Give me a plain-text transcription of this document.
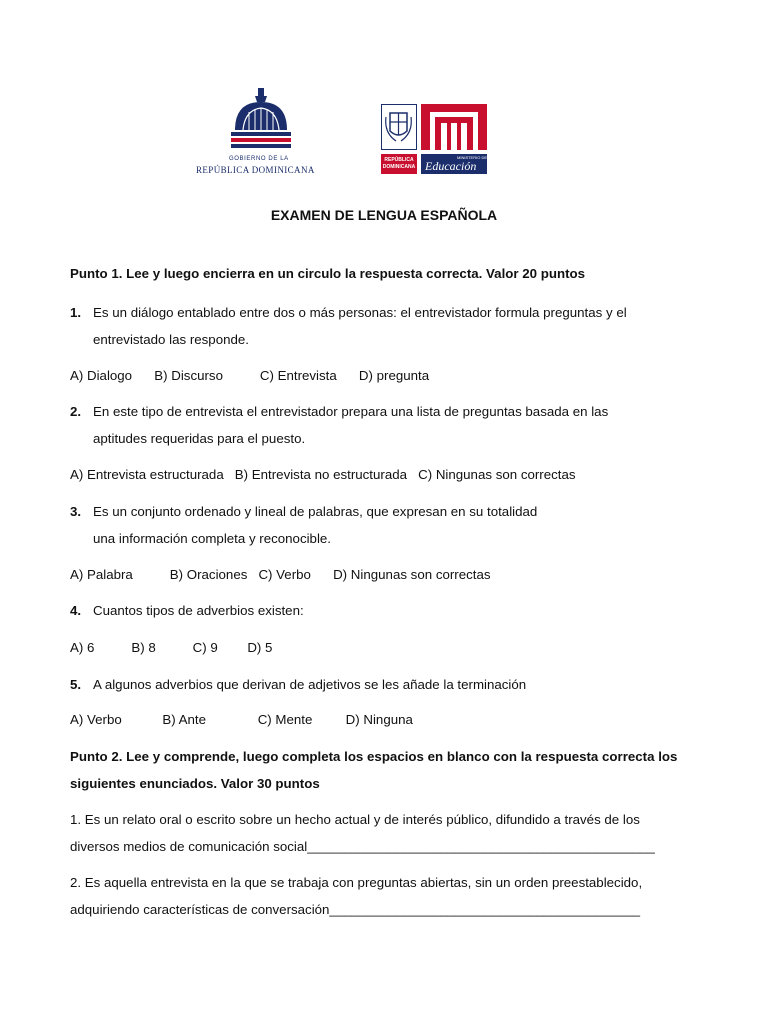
GOBIERNO DE LA
REPÚBLICA DOMINICANA
REPÚBLICA DOMINICANA
MINISTERIO DE
Educación
EXAMEN DE LENGUA ESPAÑOLA
Punto 1. Lee y luego encierra en un circulo la respuesta correcta. Valor 20 puntos
1. Es un diálogo entablado entre dos o más personas: el entrevistador formula preguntas y el
entrevistado las responde.
A) Dialogo      B) Discurso          C) Entrevista      D) pregunta
2. En este tipo de entrevista el entrevistador prepara una lista de preguntas basada en las
aptitudes requeridas para el puesto.
A) Entrevista estructurada   B) Entrevista no estructurada   C) Ningunas son correctas
3. Es un conjunto ordenado y lineal de palabras, que expresan en su totalidad
una información completa y reconocible.
A) Palabra          B) Oraciones   C) Verbo      D) Ningunas son correctas
4. Cuantos tipos de adverbios existen:
A) 6          B) 8          C) 9        D) 5
5. A algunos adverbios que derivan de adjetivos se les añade la terminación
A) Verbo           B) Ante              C) Mente         D) Ninguna
Punto 2. Lee y comprende, luego completa los espacios en blanco con la respuesta correcta los
siguientes enunciados. Valor 30 puntos
1. Es un relato oral o escrito sobre un hecho actual y de interés público, difundido a través de los
diversos medios de comunicación social_______________________________________________
2. Es aquella entrevista en la que se trabaja con preguntas abiertas, sin un orden preestablecido,
adquiriendo características de conversación__________________________________________
